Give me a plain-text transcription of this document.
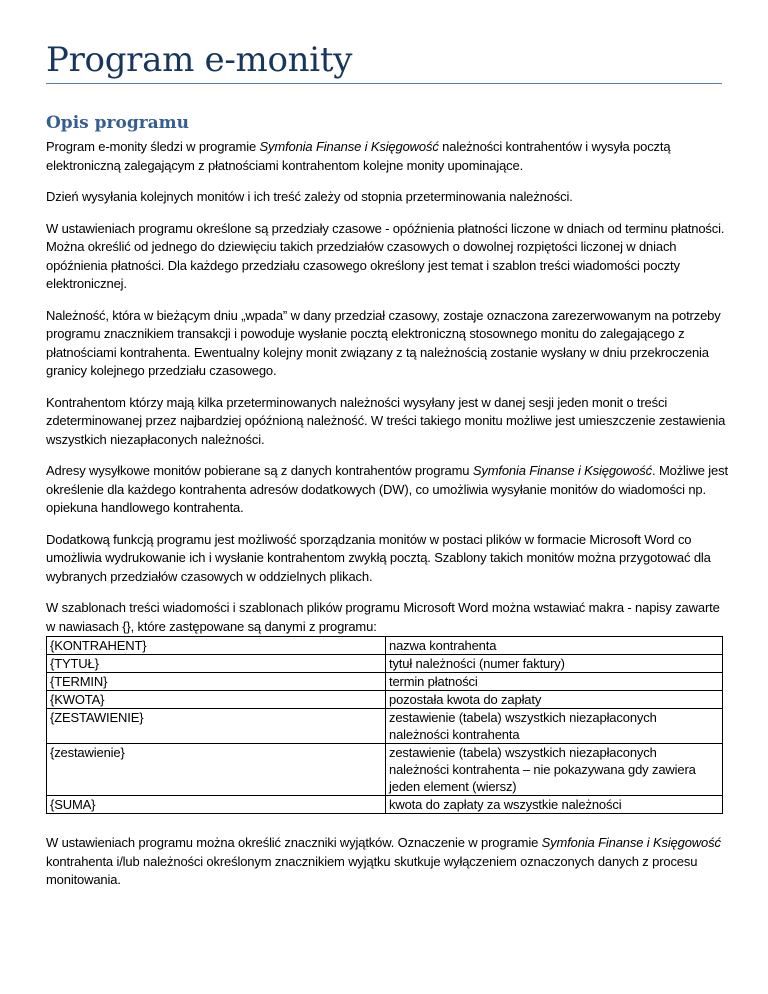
Program e-monity
Opis programu

Program e-monity śledzi w programie Symfonia Finanse i Księgowość należności kontrahentów i wysyła pocztą elektroniczną zalegającym z płatnościami kontrahentom kolejne monity upominające.

Dzień wysyłania kolejnych monitów i ich treść zależy od stopnia przeterminowania należności.

W ustawieniach programu określone są przedziały czasowe - opóźnienia płatności liczone w dniach od terminu płatności. Można określić od jednego do dziewięciu takich przedziałów czasowych o dowolnej rozpiętości liczonej w dniach opóźnienia płatności. Dla każdego przedziału czasowego określony jest temat i szablon treści wiadomości poczty elektronicznej.

Należność, która w bieżącym dniu „wpada” w dany przedział czasowy, zostaje oznaczona zarezerwowanym na potrzeby programu znacznikiem transakcji i powoduje wysłanie pocztą elektroniczną stosownego monitu do zalegającego z płatnościami kontrahenta. Ewentualny kolejny monit związany z tą należnością zostanie wysłany w dniu przekroczenia granicy kolejnego przedziału czasowego.

Kontrahentom którzy mają kilka przeterminowanych należności wysyłany jest w danej sesji jeden monit o treści zdeterminowanej przez najbardziej opóźnioną należność. W treści takiego monitu możliwe jest umieszczenie zestawienia wszystkich niezapłaconych należności.

Adresy wysyłkowe monitów pobierane są z danych kontrahentów programu Symfonia Finanse i Księgowość. Możliwe jest określenie dla każdego kontrahenta adresów dodatkowych (DW), co umożliwia wysyłanie monitów do wiadomości np. opiekuna handlowego kontrahenta.

Dodatkową funkcją programu jest możliwość sporządzania monitów w postaci plików w formacie Microsoft Word co umożliwia wydrukowanie ich i wysłanie kontrahentom zwykłą pocztą. Szablony takich monitów można przygotować dla wybranych przedziałów czasowych w oddzielnych plikach.

W szablonach treści wiadomości i szablonach plików programu Microsoft Word można wstawiać makra - napisy zawarte w nawiasach {}, które zastępowane są danymi z programu:

{KONTRAHENT}	nazwa kontrahenta
{TYTUŁ}	tytuł należności (numer faktury)
{TERMIN}	termin płatności
{KWOTA}	pozostała kwota do zapłaty
{ZESTAWIENIE}	zestawienie (tabela) wszystkich niezapłaconych należności kontrahenta
{zestawienie}	zestawienie (tabela) wszystkich niezapłaconych należności kontrahenta – nie pokazywana gdy zawiera jeden element (wiersz)
{SUMA}	kwota do zapłaty za wszystkie należności

W ustawieniach programu można określić znaczniki wyjątków. Oznaczenie w programie Symfonia Finanse i Księgowość kontrahenta i/lub należności określonym znacznikiem wyjątku skutkuje wyłączeniem oznaczonych danych z procesu monitowania.
